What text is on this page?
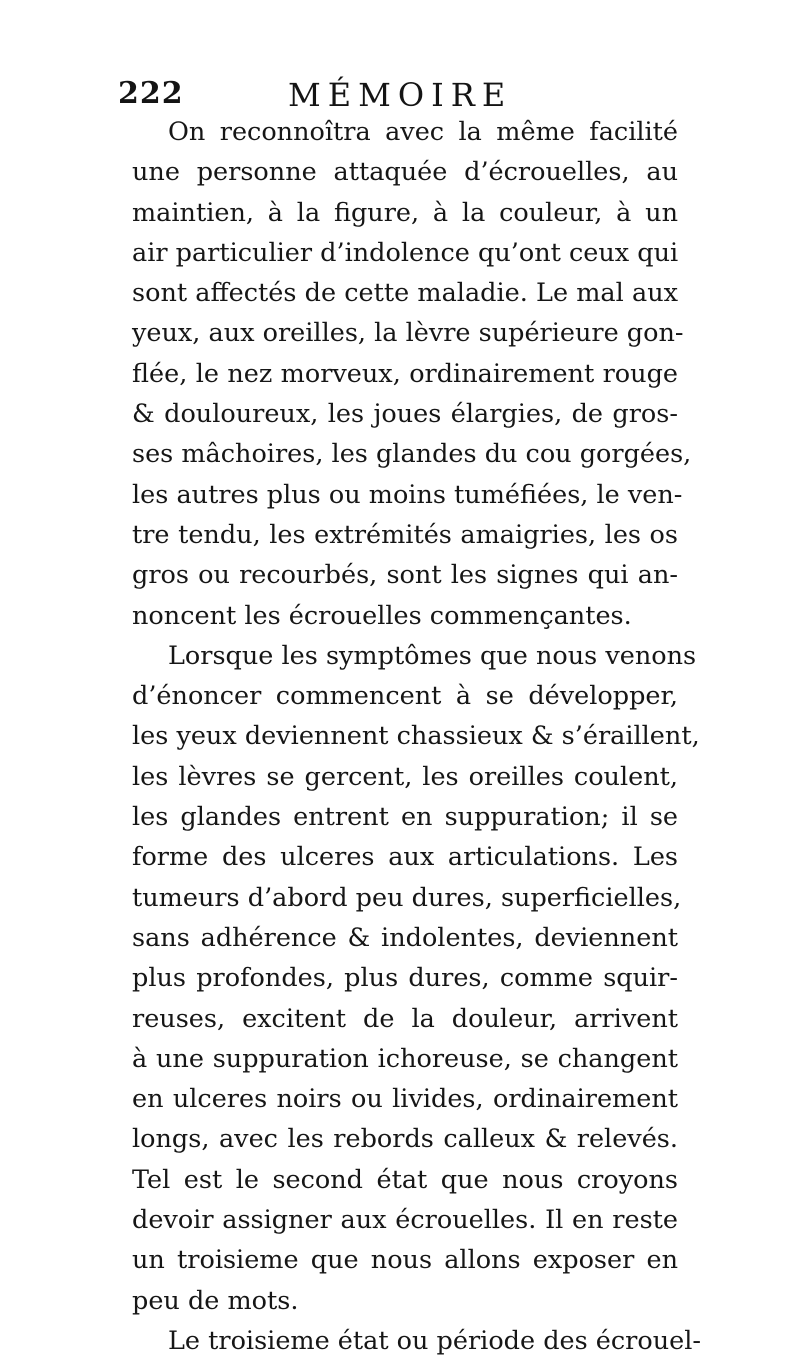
222	MÉMOIRE
On reconnoîtra avec la même facilité
une personne attaquée d’écrouelles, au
maintien, à la figure, à la couleur, à un
air particulier d’indolence qu’ont ceux qui
sont affectés de cette maladie. Le mal aux
yeux, aux oreilles, la lèvre supérieure gon-
flée, le nez morveux, ordinairement rouge
& douloureux, les joues élargies, de gros-
ses mâchoires, les glandes du cou gorgées,
les autres plus ou moins tuméfiées, le ven-
tre tendu, les extrémités amaigries, les os
gros ou recourbés, sont les signes qui an-
noncent les écrouelles commençantes.
Lorsque les symptômes que nous venons
d’énoncer commencent à se développer,
les yeux deviennent chassieux & s’éraillent,
les lèvres se gercent, les oreilles coulent,
les glandes entrent en suppuration; il se
forme des ulceres aux articulations. Les
tumeurs d’abord peu dures, superficielles,
sans adhérence & indolentes, deviennent
plus profondes, plus dures, comme squir-
reuses, excitent de la douleur, arrivent
à une suppuration ichoreuse, se changent
en ulceres noirs ou livides, ordinairement
longs, avec les rebords calleux & relevés.
Tel est le second état que nous croyons
devoir assigner aux écrouelles. Il en reste
un troisieme que nous allons exposer en
peu de mots.
Le troisieme état ou période des écrouel-
